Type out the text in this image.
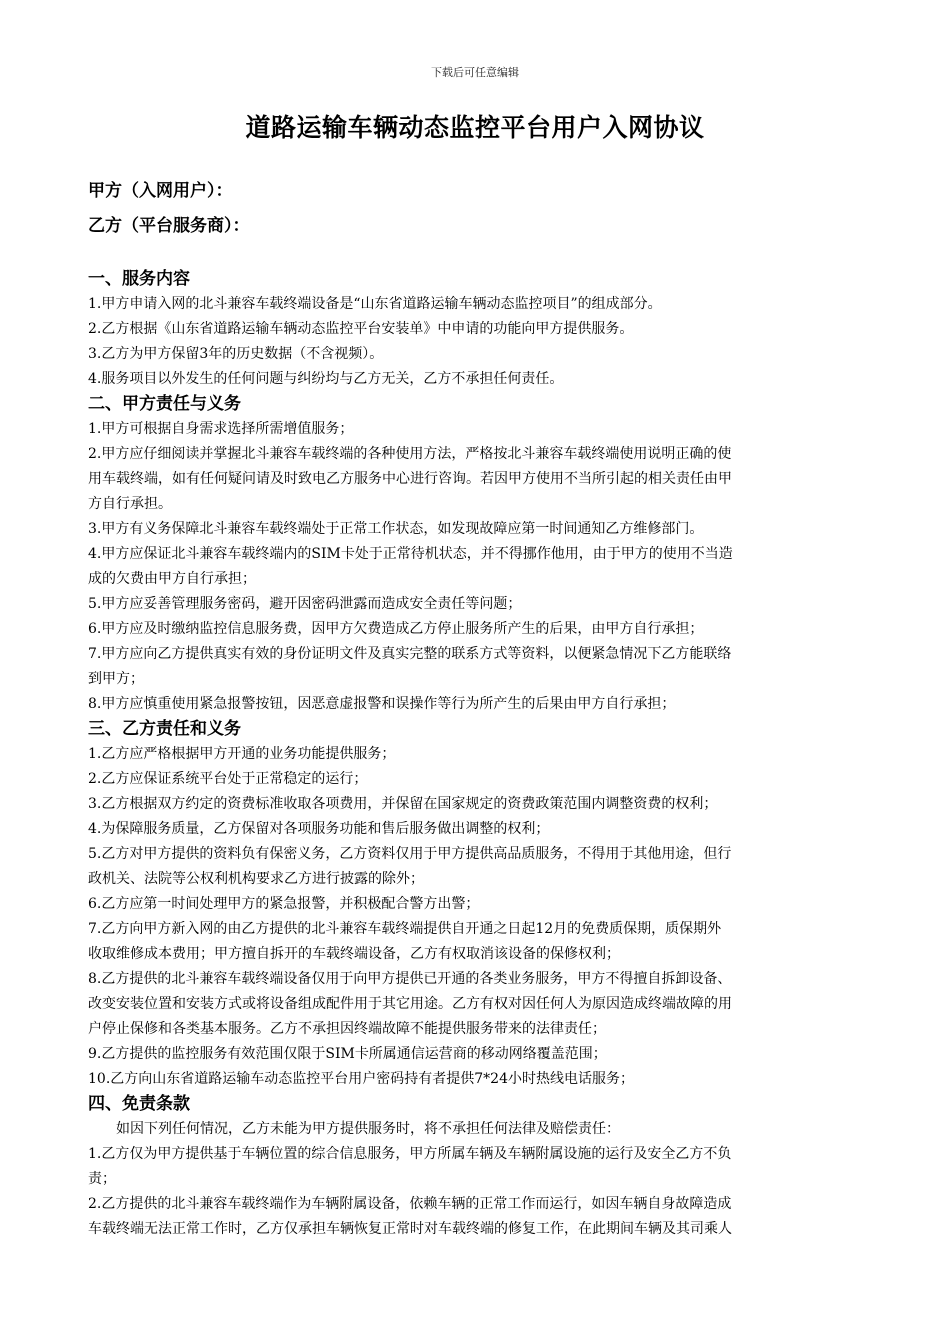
下载后可任意编辑
道路运输车辆动态监控平台用户入网协议
甲方（入网用户）：
乙方（平台服务商）：
一、服务内容
1.甲方申请入网的北斗兼容车载终端设备是“山东省道路运输车辆动态监控项目”的组成部分。
2.乙方根据《山东省道路运输车辆动态监控平台安装单》中申请的功能向甲方提供服务。
3.乙方为甲方保留3年的历史数据（不含视频）。
4.服务项目以外发生的任何问题与纠纷均与乙方无关，乙方不承担任何责任。
二、甲方责任与义务
1.甲方可根据自身需求选择所需增值服务；
2.甲方应仔细阅读并掌握北斗兼容车载终端的各种使用方法，严格按北斗兼容车载终端使用说明正确的使
用车载终端，如有任何疑问请及时致电乙方服务中心进行咨询。若因甲方使用不当所引起的相关责任由甲
方自行承担。
3.甲方有义务保障北斗兼容车载终端处于正常工作状态，如发现故障应第一时间通知乙方维修部门。
4.甲方应保证北斗兼容车载终端内的SIM卡处于正常待机状态，并不得挪作他用，由于甲方的使用不当造
成的欠费由甲方自行承担；
5.甲方应妥善管理服务密码，避开因密码泄露而造成安全责任等问题；
6.甲方应及时缴纳监控信息服务费，因甲方欠费造成乙方停止服务所产生的后果，由甲方自行承担；
7.甲方应向乙方提供真实有效的身份证明文件及真实完整的联系方式等资料，以便紧急情况下乙方能联络
到甲方；
8.甲方应慎重使用紧急报警按钮，因恶意虚报警和误操作等行为所产生的后果由甲方自行承担；
三、乙方责任和义务
1.乙方应严格根据甲方开通的业务功能提供服务；
2.乙方应保证系统平台处于正常稳定的运行；
3.乙方根据双方约定的资费标准收取各项费用，并保留在国家规定的资费政策范围内调整资费的权利；
4.为保障服务质量，乙方保留对各项服务功能和售后服务做出调整的权利；
5.乙方对甲方提供的资料负有保密义务，乙方资料仅用于甲方提供高品质服务，不得用于其他用途，但行
政机关、法院等公权利机构要求乙方进行披露的除外；
6.乙方应第一时间处理甲方的紧急报警，并积极配合警方出警；
7.乙方向甲方新入网的由乙方提供的北斗兼容车载终端提供自开通之日起12月的免费质保期，质保期外
收取维修成本费用；甲方擅自拆开的车载终端设备，乙方有权取消该设备的保修权利；
8.乙方提供的北斗兼容车载终端设备仅用于向甲方提供已开通的各类业务服务，甲方不得擅自拆卸设备、
改变安装位置和安装方式或将设备组成配件用于其它用途。乙方有权对因任何人为原因造成终端故障的用
户停止保修和各类基本服务。乙方不承担因终端故障不能提供服务带来的法律责任；
9.乙方提供的监控服务有效范围仅限于SIM卡所属通信运营商的移动网络覆盖范围；
10.乙方向山东省道路运输车动态监控平台用户密码持有者提供7*24小时热线电话服务；
四、免责条款
如因下列任何情况，乙方未能为甲方提供服务时，将不承担任何法律及赔偿责任：
1.乙方仅为甲方提供基于车辆位置的综合信息服务，甲方所属车辆及车辆附属设施的运行及安全乙方不负
责；
2.乙方提供的北斗兼容车载终端作为车辆附属设备，依赖车辆的正常工作而运行，如因车辆自身故障造成
车载终端无法正常工作时，乙方仅承担车辆恢复正常时对车载终端的修复工作，在此期间车辆及其司乘人
